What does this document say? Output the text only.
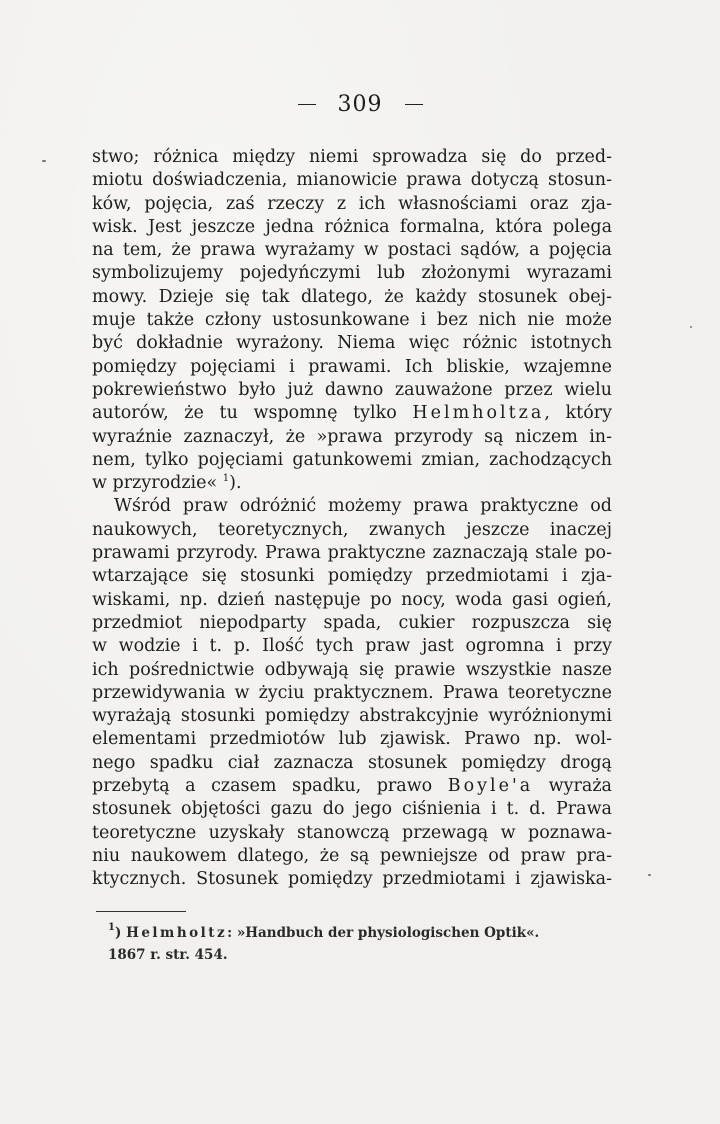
309
stwo; różnica między niemi sprowadza się do przed-
miotu doświadczenia, mianowicie prawa dotyczą stosun-
ków, pojęcia, zaś rzeczy z ich własnościami oraz zja-
wisk. Jest jeszcze jedna różnica formalna, która polega
na tem, że prawa wyrażamy w postaci sądów, a pojęcia
symbolizujemy pojedyńczymi lub złożonymi wyrazami
mowy. Dzieje się tak dlatego, że każdy stosunek obej-
muje także człony ustosunkowane i bez nich nie może
być dokładnie wyrażony. Niema więc różnic istotnych
pomiędzy pojęciami i prawami. Ich bliskie, wzajemne
pokrewieństwo było już dawno zauważone przez wielu
autorów, że tu wspomnę tylko Helmholtza, który
wyraźnie zaznaczył, że »prawa przyrody są niczem in-
nem, tylko pojęciami gatunkowemi zmian, zachodzących
w przyrodzie« $^1$).
Wśród praw odróżnić możemy prawa praktyczne od
naukowych, teoretycznych, zwanych jeszcze inaczej
prawami przyrody. Prawa praktyczne zaznaczają stale po-
wtarzające się stosunki pomiędzy przedmiotami i zja-
wiskami, np. dzień następuje po nocy, woda gasi ogień,
przedmiot niepodparty spada, cukier rozpuszcza się
w wodzie i t. p. Ilość tych praw jast ogromna i przy
ich pośrednictwie odbywają się prawie wszystkie nasze
przewidywania w życiu praktycznem. Prawa teoretyczne
wyrażają stosunki pomiędzy abstrakcyjnie wyróżnionymi
elementami przedmiotów lub zjawisk. Prawo np. wol-
nego spadku ciał zaznacza stosunek pomiędzy drogą
przebytą a czasem spadku, prawo Boyle'a wyraża
stosunek objętości gazu do jego ciśnienia i t. d. Prawa
teoretyczne uzyskały stanowczą przewagą w poznawa-
niu naukowem dlatego, że są pewniejsze od praw pra-
ktycznych. Stosunek pomiędzy przedmiotami i zjawiska-
$^1$) Helmholtz: »Handbuch der physiologischen Optik«.
1867 r. str. 454.
